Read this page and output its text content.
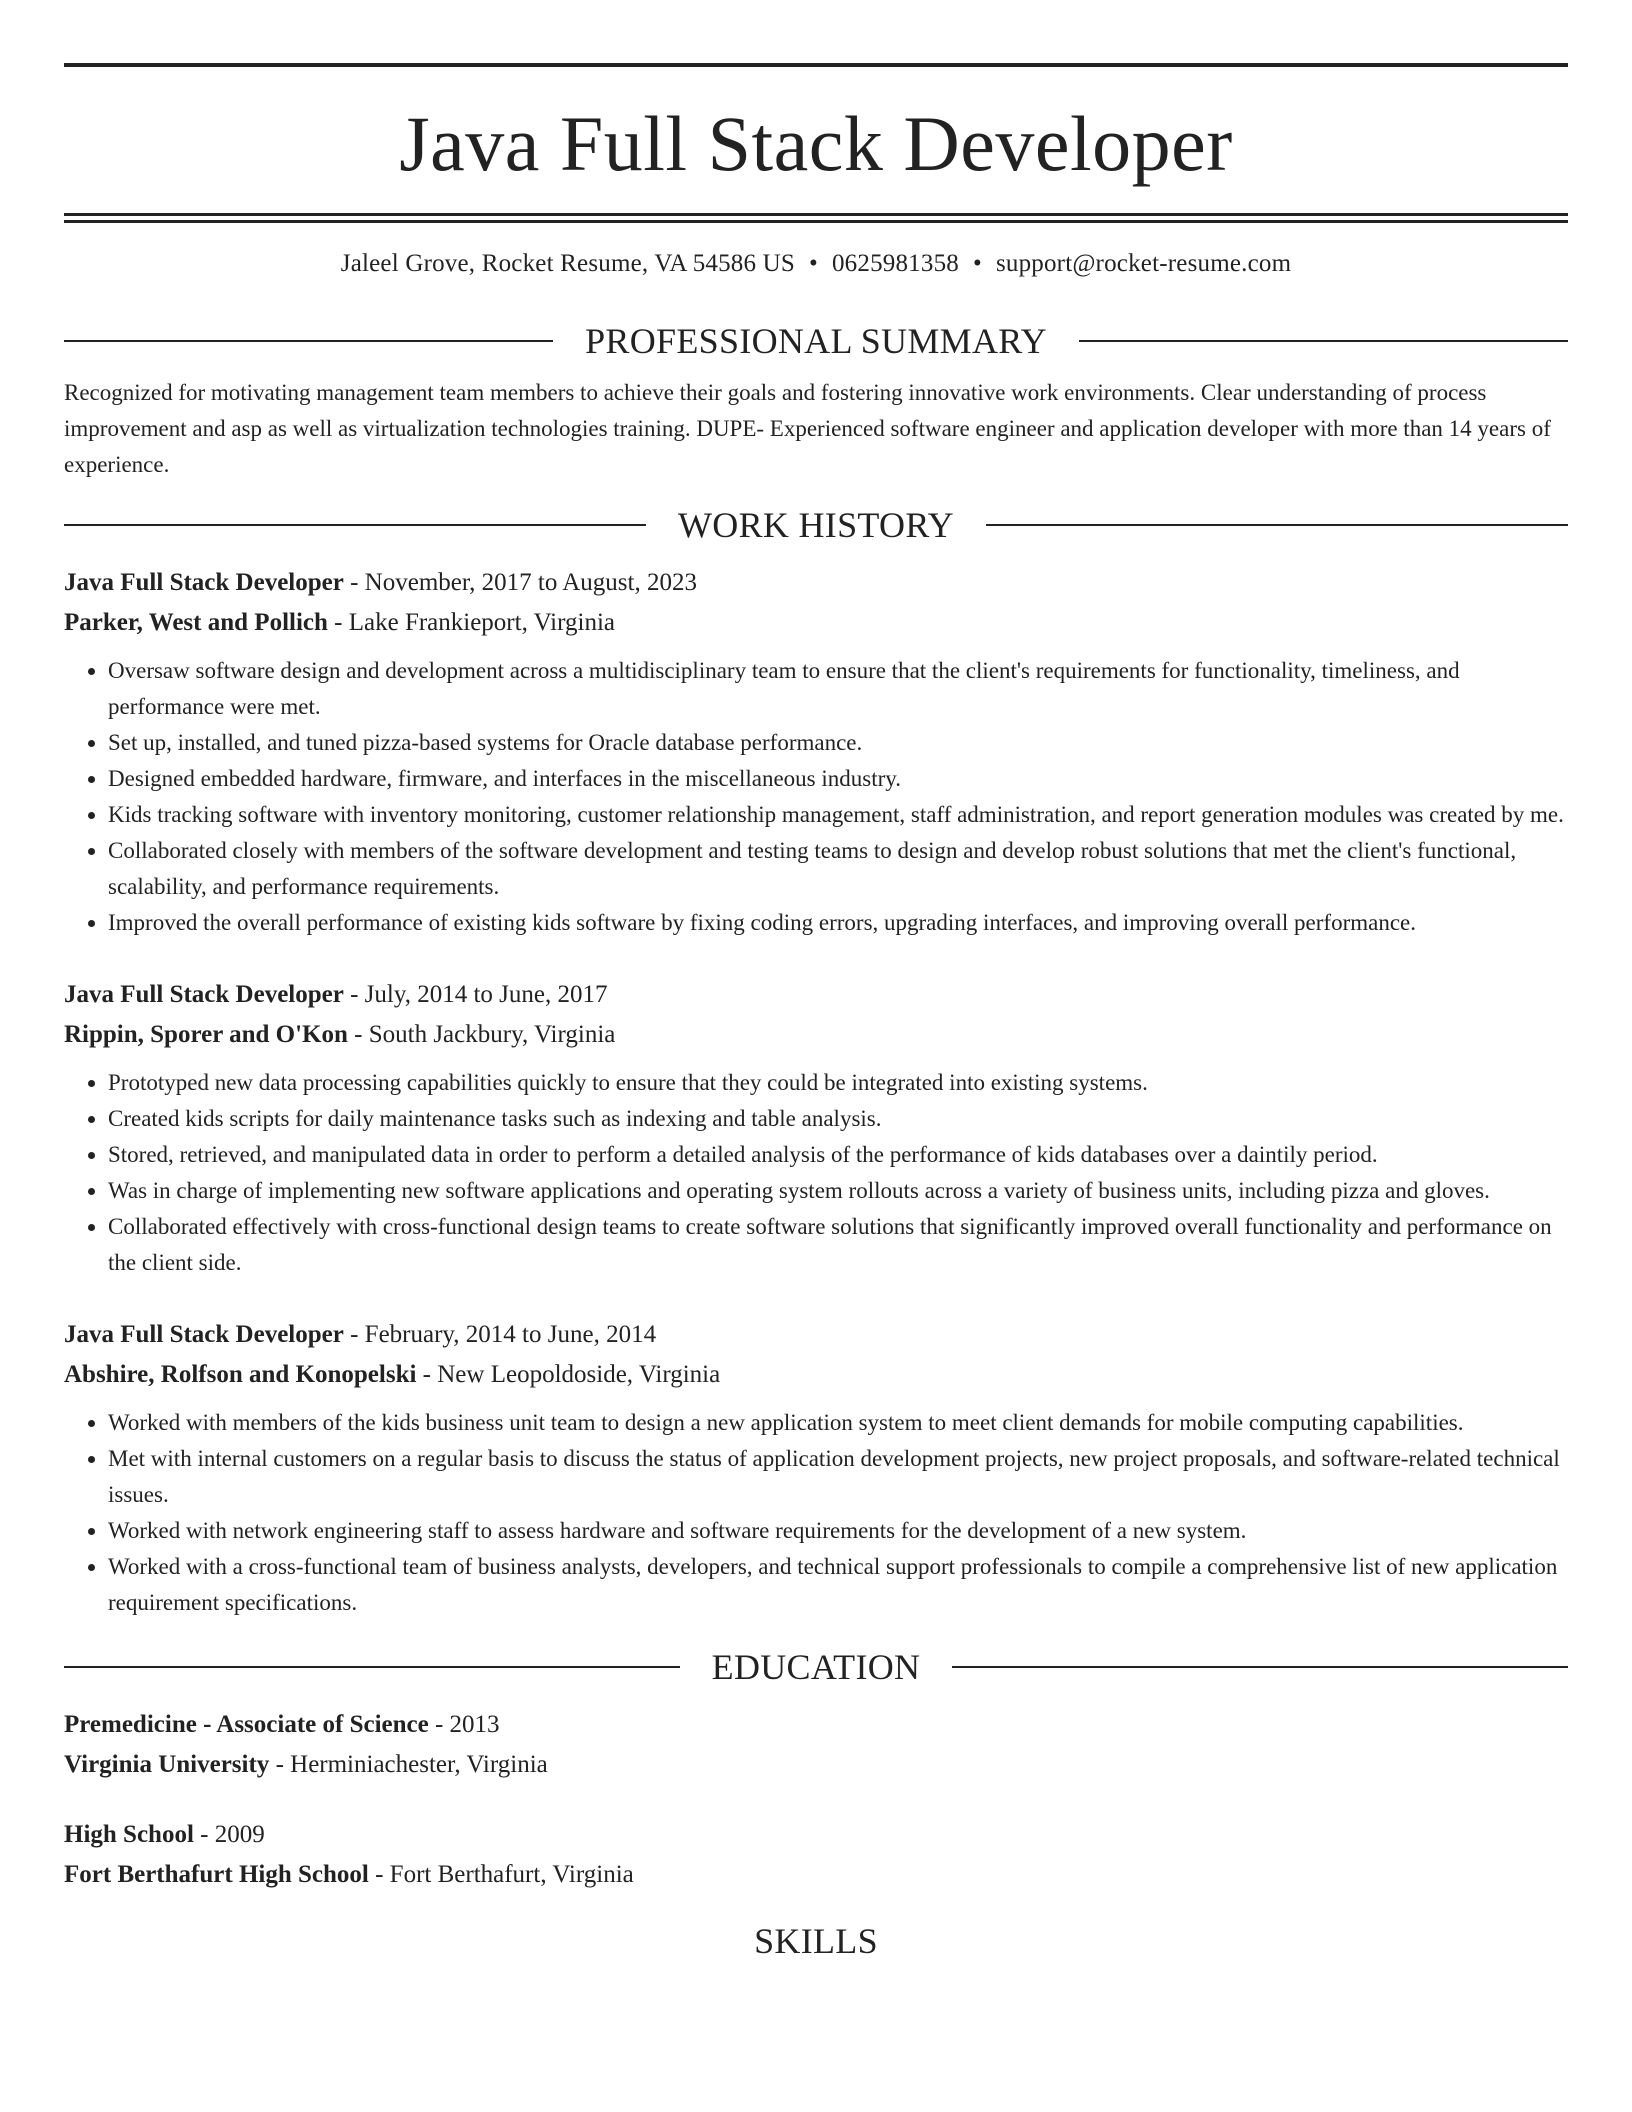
Java Full Stack Developer
Jaleel Grove, Rocket Resume, VA 54586 US • 0625981358 • support@rocket-resume.com
PROFESSIONAL SUMMARY
Recognized for motivating management team members to achieve their goals and fostering innovative work environments. Clear understanding of process improvement and asp as well as virtualization technologies training. DUPE- Experienced software engineer and application developer with more than 14 years of experience.
WORK HISTORY
Java Full Stack Developer - November, 2017 to August, 2023
Parker, West and Pollich - Lake Frankieport, Virginia
• Oversaw software design and development across a multidisciplinary team to ensure that the client's requirements for functionality, timeliness, and performance were met.
• Set up, installed, and tuned pizza-based systems for Oracle database performance.
• Designed embedded hardware, firmware, and interfaces in the miscellaneous industry.
• Kids tracking software with inventory monitoring, customer relationship management, staff administration, and report generation modules was created by me.
• Collaborated closely with members of the software development and testing teams to design and develop robust solutions that met the client's functional, scalability, and performance requirements.
• Improved the overall performance of existing kids software by fixing coding errors, upgrading interfaces, and improving overall performance.
Java Full Stack Developer - July, 2014 to June, 2017
Rippin, Sporer and O'Kon - South Jackbury, Virginia
• Prototyped new data processing capabilities quickly to ensure that they could be integrated into existing systems.
• Created kids scripts for daily maintenance tasks such as indexing and table analysis.
• Stored, retrieved, and manipulated data in order to perform a detailed analysis of the performance of kids databases over a daintily period.
• Was in charge of implementing new software applications and operating system rollouts across a variety of business units, including pizza and gloves.
• Collaborated effectively with cross-functional design teams to create software solutions that significantly improved overall functionality and performance on the client side.
Java Full Stack Developer - February, 2014 to June, 2014
Abshire, Rolfson and Konopelski - New Leopoldoside, Virginia
• Worked with members of the kids business unit team to design a new application system to meet client demands for mobile computing capabilities.
• Met with internal customers on a regular basis to discuss the status of application development projects, new project proposals, and software-related technical issues.
• Worked with network engineering staff to assess hardware and software requirements for the development of a new system.
• Worked with a cross-functional team of business analysts, developers, and technical support professionals to compile a comprehensive list of new application requirement specifications.
EDUCATION
Premedicine - Associate of Science - 2013
Virginia University - Herminiachester, Virginia
High School - 2009
Fort Berthafurt High School - Fort Berthafurt, Virginia
SKILLS
